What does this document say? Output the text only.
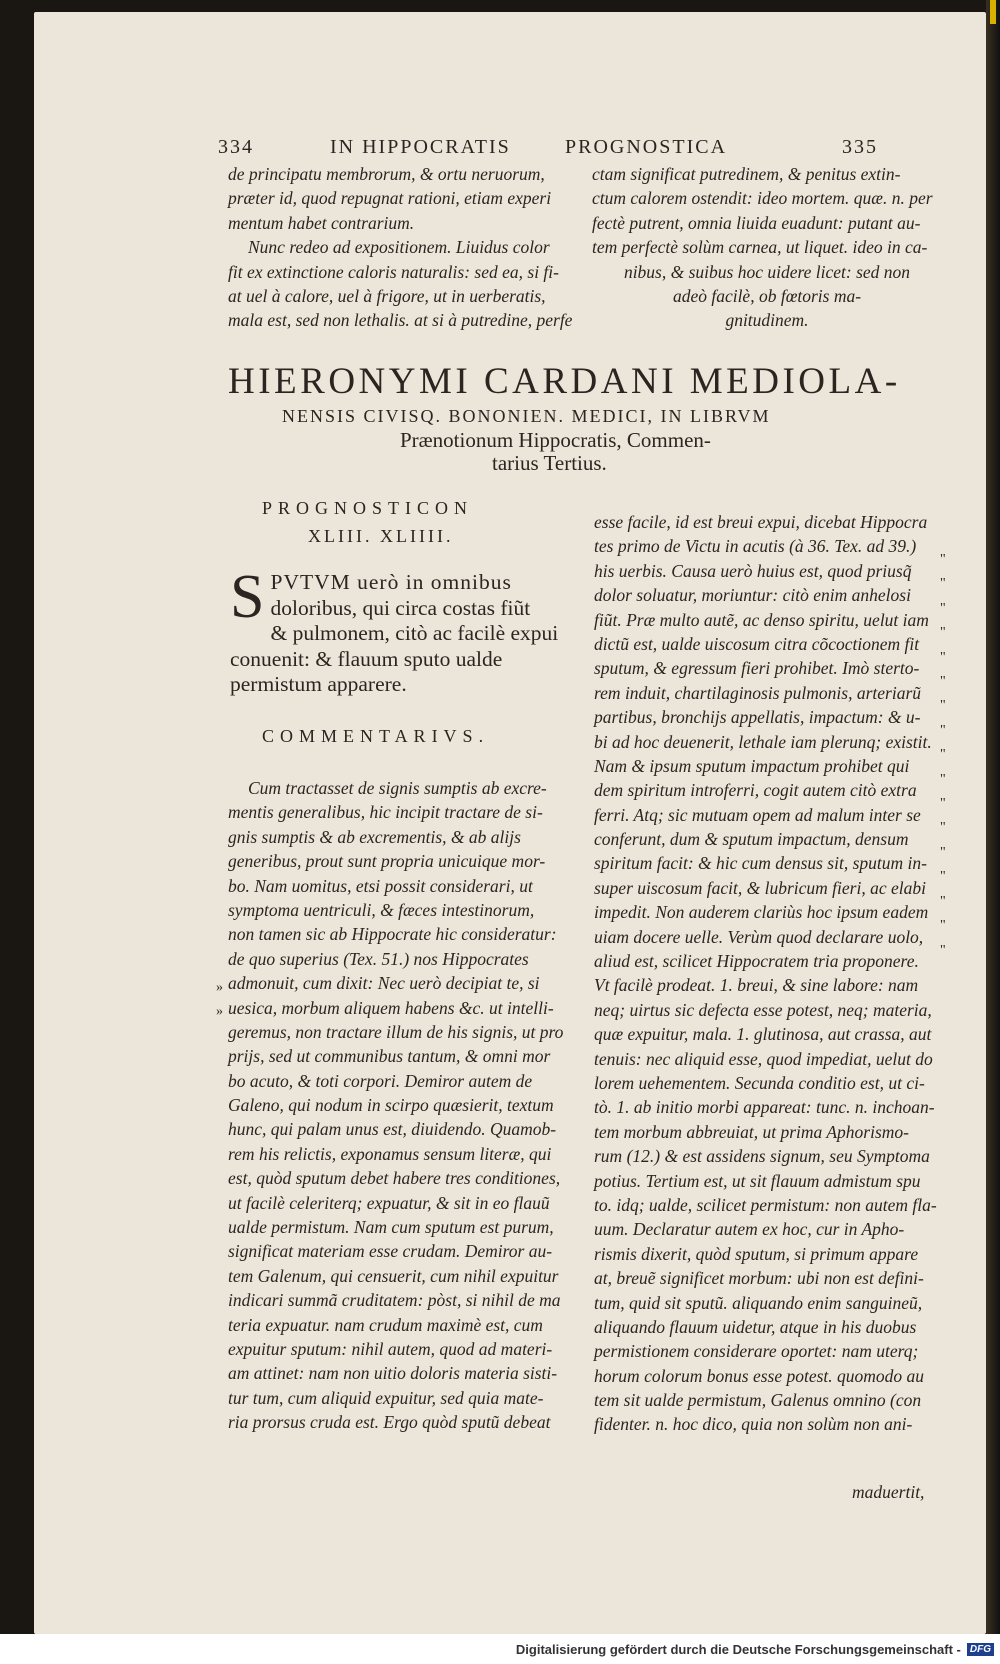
334	IN HIPPOCRATIS	PROGNOSTICA	335
de principatu membrorum, & ortu neruorum,
præter id, quod repugnat rationi, etiam experi
mentum habet contrarium.
Nunc redeo ad expositionem. Liuidus color
fit ex extinctione caloris naturalis: sed ea, si fi-
at uel à calore, uel à frigore, ut in uerberatis,
mala est, sed non lethalis. at si à putredine, perfe
ctam significat putredinem, & penitus extin-
ctum calorem ostendit: ideo mortem. quæ. n. per
fectè putrent, omnia liuida euadunt: putant au-
tem perfectè solùm carnea, ut liquet. ideo in ca-
nibus, & suibus hoc uidere licet: sed non
adeò facilè, ob fœtoris ma-
gnitudinem.
HIERONYMI CARDANI MEDIOLA-
NENSIS CIVISQ. BONONIEN. MEDICI, IN LIBRVM
Prænotionum Hippocratis, Commen-
tarius Tertius.
PROGNOSTICON
XLIII. XLIIII.
S PVTVM uerò in omnibus
doloribus, qui circa costas fiũt
& pulmonem, citò ac facilè expui
conuenit: & flauum sputo ualde
permistum apparere.
COMMENTARIVS.
Cum tractasset de signis sumptis ab excre-
mentis generalibus, hic incipit tractare de si-
gnis sumptis & ab excrementis, & ab alijs
generibus, prout sunt propria unicuique mor-
bo. Nam uomitus, etsi possit considerari, ut
symptoma uentriculi, & fæces intestinorum,
non tamen sic ab Hippocrate hic consideratur:
de quo superius (Tex. 51.) nos Hippocrates
admonuit, cum dixit: Nec uerò decipiat te, si
uesica, morbum aliquem habens &c. ut intelli-
geremus, non tractare illum de his signis, ut pro
prijs, sed ut communibus tantum, & omni mor
bo acuto, & toti corpori. Demiror autem de
Galeno, qui nodum in scirpo quæsierit, textum
hunc, qui palam unus est, diuidendo. Quamob-
rem his relictis, exponamus sensum literæ, qui
est, quòd sputum debet habere tres conditiones,
ut facilè celeriterq; expuatur, & sit in eo flauũ
ualde permistum. Nam cum sputum est purum,
significat materiam esse crudam. Demiror au-
tem Galenum, qui censuerit, cum nihil expuitur
indicari summã cruditatem: pòst, si nihil de ma
teria expuatur. nam crudum maximè est, cum
expuitur sputum: nihil autem, quod ad materi-
am attinet: nam non uitio doloris materia sisti-
tur tum, cum aliquid expuitur, sed quia mate-
ria prorsus cruda est. Ergo quòd sputũ debeat
esse facile, id est breui expui, dicebat Hippocra
tes primo de Victu in acutis (à 36. Tex. ad 39.)
his uerbis. Causa uerò huius est, quod priusq̃
dolor soluatur, moriuntur: citò enim anhelosi
fiũt. Præ multo autẽ, ac denso spiritu, uelut iam
dictũ est, ualde uiscosum citra cõcoctionem fit
sputum, & egressum fieri prohibet. Imò sterto-
rem induit, chartilaginosis pulmonis, arteriarũ
partibus, bronchijs appellatis, impactum: & u-
bi ad hoc deuenerit, lethale iam plerunq; existit.
Nam & ipsum sputum impactum prohibet qui
dem spiritum introferri, cogit autem citò extra
ferri. Atq; sic mutuam opem ad malum inter se
conferunt, dum & sputum impactum, densum
spiritum facit: & hic cum densus sit, sputum in-
super uiscosum facit, & lubricum fieri, ac elabi
impedit. Non auderem clariùs hoc ipsum eadem
uiam docere uelle. Verùm quod declarare uolo,
aliud est, scilicet Hippocratem tria proponere.
Vt facilè prodeat. 1. breui, & sine labore: nam
neq; uirtus sic defecta esse potest, neq; materia,
quæ expuitur, mala. 1. glutinosa, aut crassa, aut
tenuis: nec aliquid esse, quod impediat, uelut do
lorem uehementem. Secunda conditio est, ut ci-
tò. 1. ab initio morbi appareat: tunc. n. inchoan-
tem morbum abbreuiat, ut prima Aphorismo-
rum (12.) & est assidens signum, seu Symptoma
potius. Tertium est, ut sit flauum admistum spu
to. idq; ualde, scilicet permistum: non autem fla-
uum. Declaratur autem ex hoc, cur in Apho-
rismis dixerit, quòd sputum, si primum appare
at, breuẽ significet morbum: ubi non est defini-
tum, quid sit sputũ. aliquando enim sanguineũ,
aliquando flauum uidetur, atque in his duobus
permistionem considerare oportet: nam uterq;
horum colorum bonus esse potest. quomodo au
tem sit ualde permistum, Galenus omnino (con
fidenter. n. hoc dico, quia non solùm non ani-
maduertit,
"
"
"
"
"
"
"
"
"
"
"
"
"
"
"
"
"
»
»
Digitalisierung gefördert durch die Deutsche Forschungsgemeinschaft - DFG
